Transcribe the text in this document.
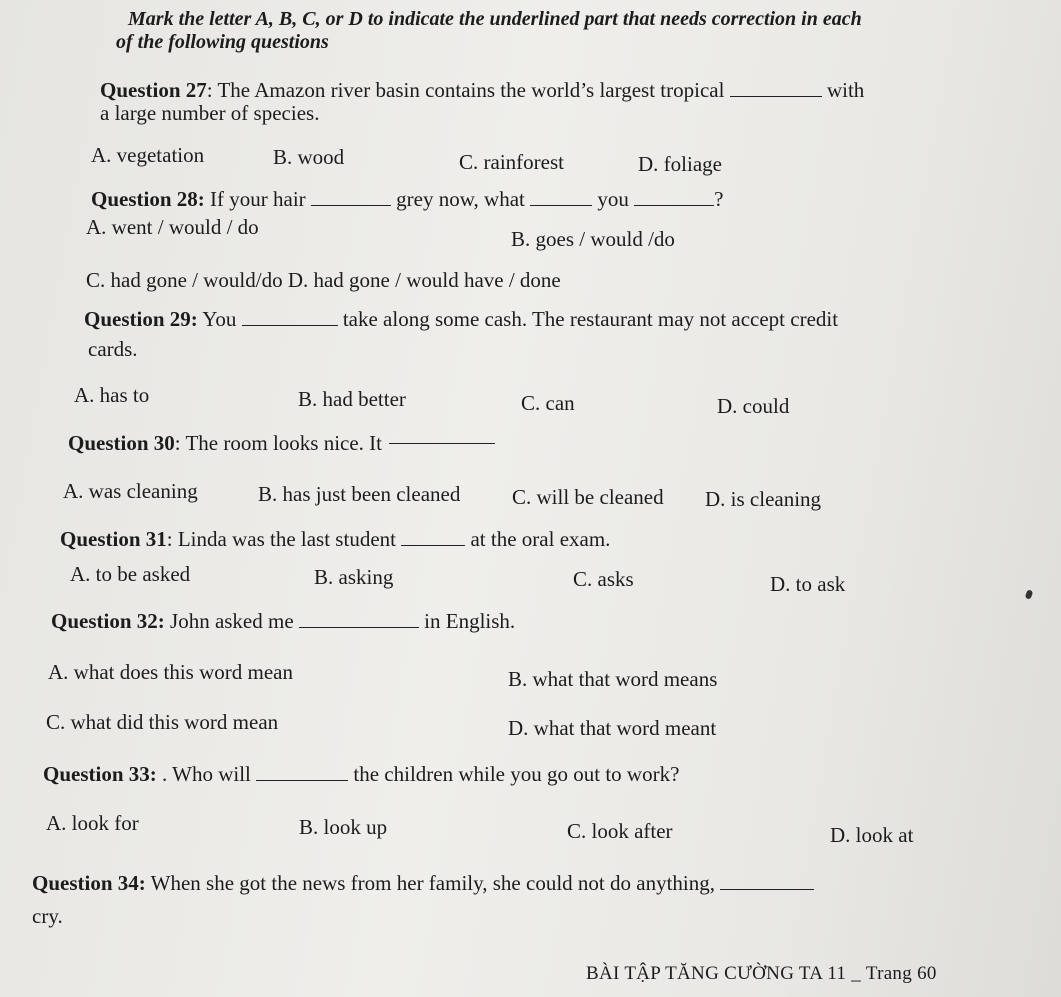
Mark the letter A, B, C, or D to indicate the underlined part that needs correction in each
of the following questions
Question 27: The Amazon river basin contains the world’s largest tropical	with
a large number of species.
A. vegetation	B. wood	C. rainforest	D. foliage
Question 28: If your hair	grey now, what	you	?
A. went / would / do	B. goes / would /do
C. had gone / would/do D. had gone / would have / done
Question 29: You	take along some cash. The restaurant may not accept credit
cards.
A. has to	B. had better	C. can	D. could
Question 30: The room looks nice. It
A. was cleaning	B. has just been cleaned C. will be cleaned D. is cleaning
Question 31: Linda was the last student	at the oral exam.
A. to be asked	B. asking	C. asks	D. to ask
Question 32: John asked me	in English.
A. what does this word mean	B. what that word means
C. what did this word mean	D. what that word meant
Question 33: . Who will	the children while you go out to work?
A. look for	B. look up	C. look after	D. look at
Question 34: When she got the news from her family, she could not do anything,
cry.
BÀI TẬP TĂNG CƯỜNG TA 11 _ Trang 60
